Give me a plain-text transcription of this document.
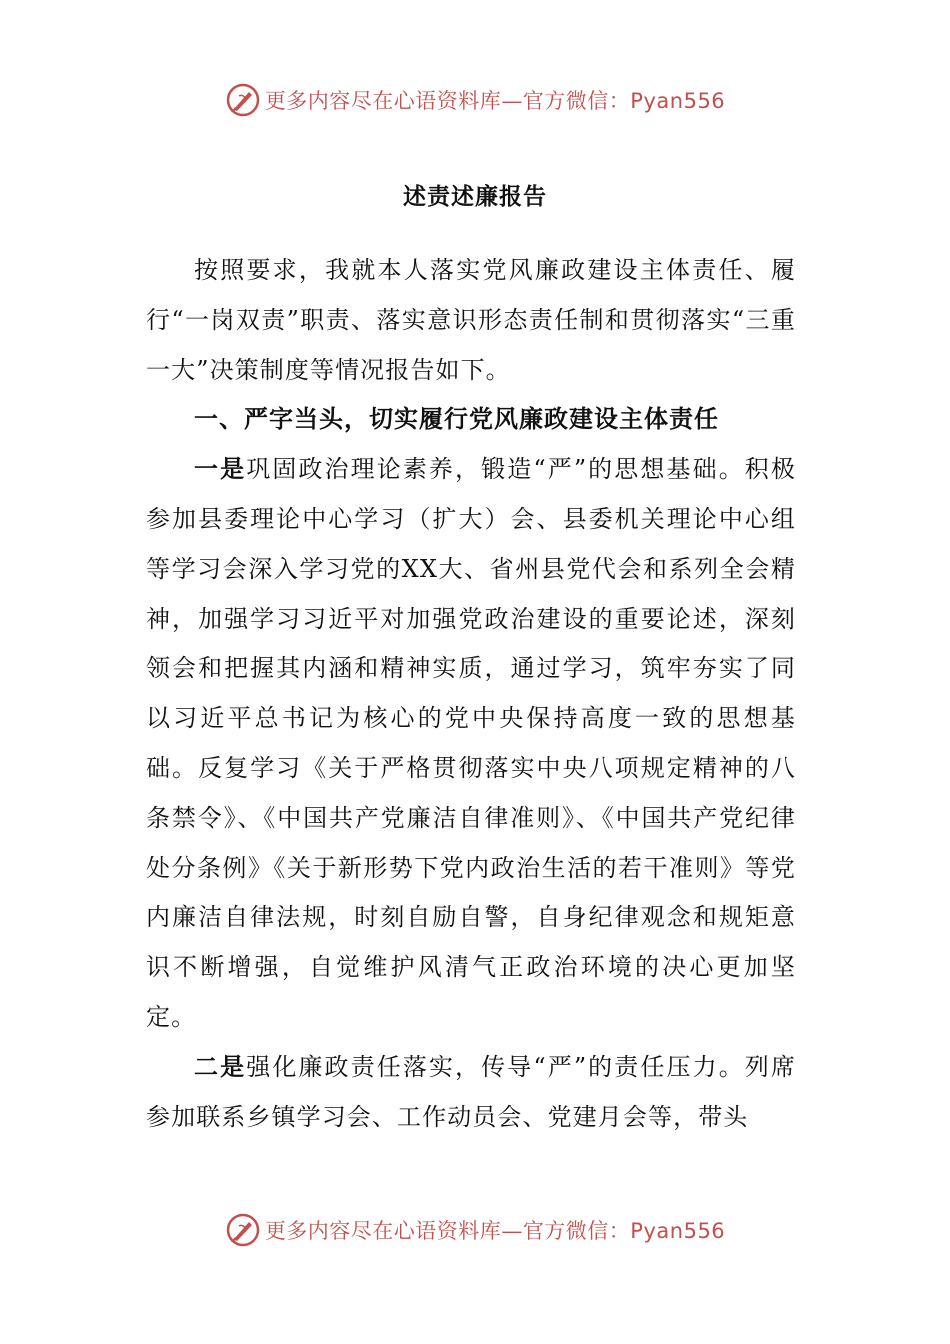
更多内容尽在心语资料库—官方微信：Pyan556
述责述廉报告

按照要求，我就本人落实党风廉政建设主体责任、履行“一岗双责”职责、落实意识形态责任制和贯彻落实“三重一大”决策制度等情况报告如下。

一、严字当头，切实履行党风廉政建设主体责任

一是巩固政治理论素养，锻造“严”的思想基础。积极参加县委理论中心学习（扩大）会、县委机关理论中心组等学习会深入学习党的XX大、省州县党代会和系列全会精神，加强学习习近平对加强党政治建设的重要论述，深刻领会和把握其内涵和精神实质，通过学习，筑牢夯实了同以习近平总书记为核心的党中央保持高度一致的思想基础。反复学习《关于严格贯彻落实中央八项规定精神的八条禁令》、《中国共产党廉洁自律准则》、《中国共产党纪律处分条例》《关于新形势下党内政治生活的若干准则》等党内廉洁自律法规，时刻自励自警，自身纪律观念和规矩意识不断增强，自觉维护风清气正政治环境的决心更加坚定。

二是强化廉政责任落实，传导“严”的责任压力。列席参加联系乡镇学习会、工作动员会、党建月会等，带头

更多内容尽在心语资料库—官方微信：Pyan556
